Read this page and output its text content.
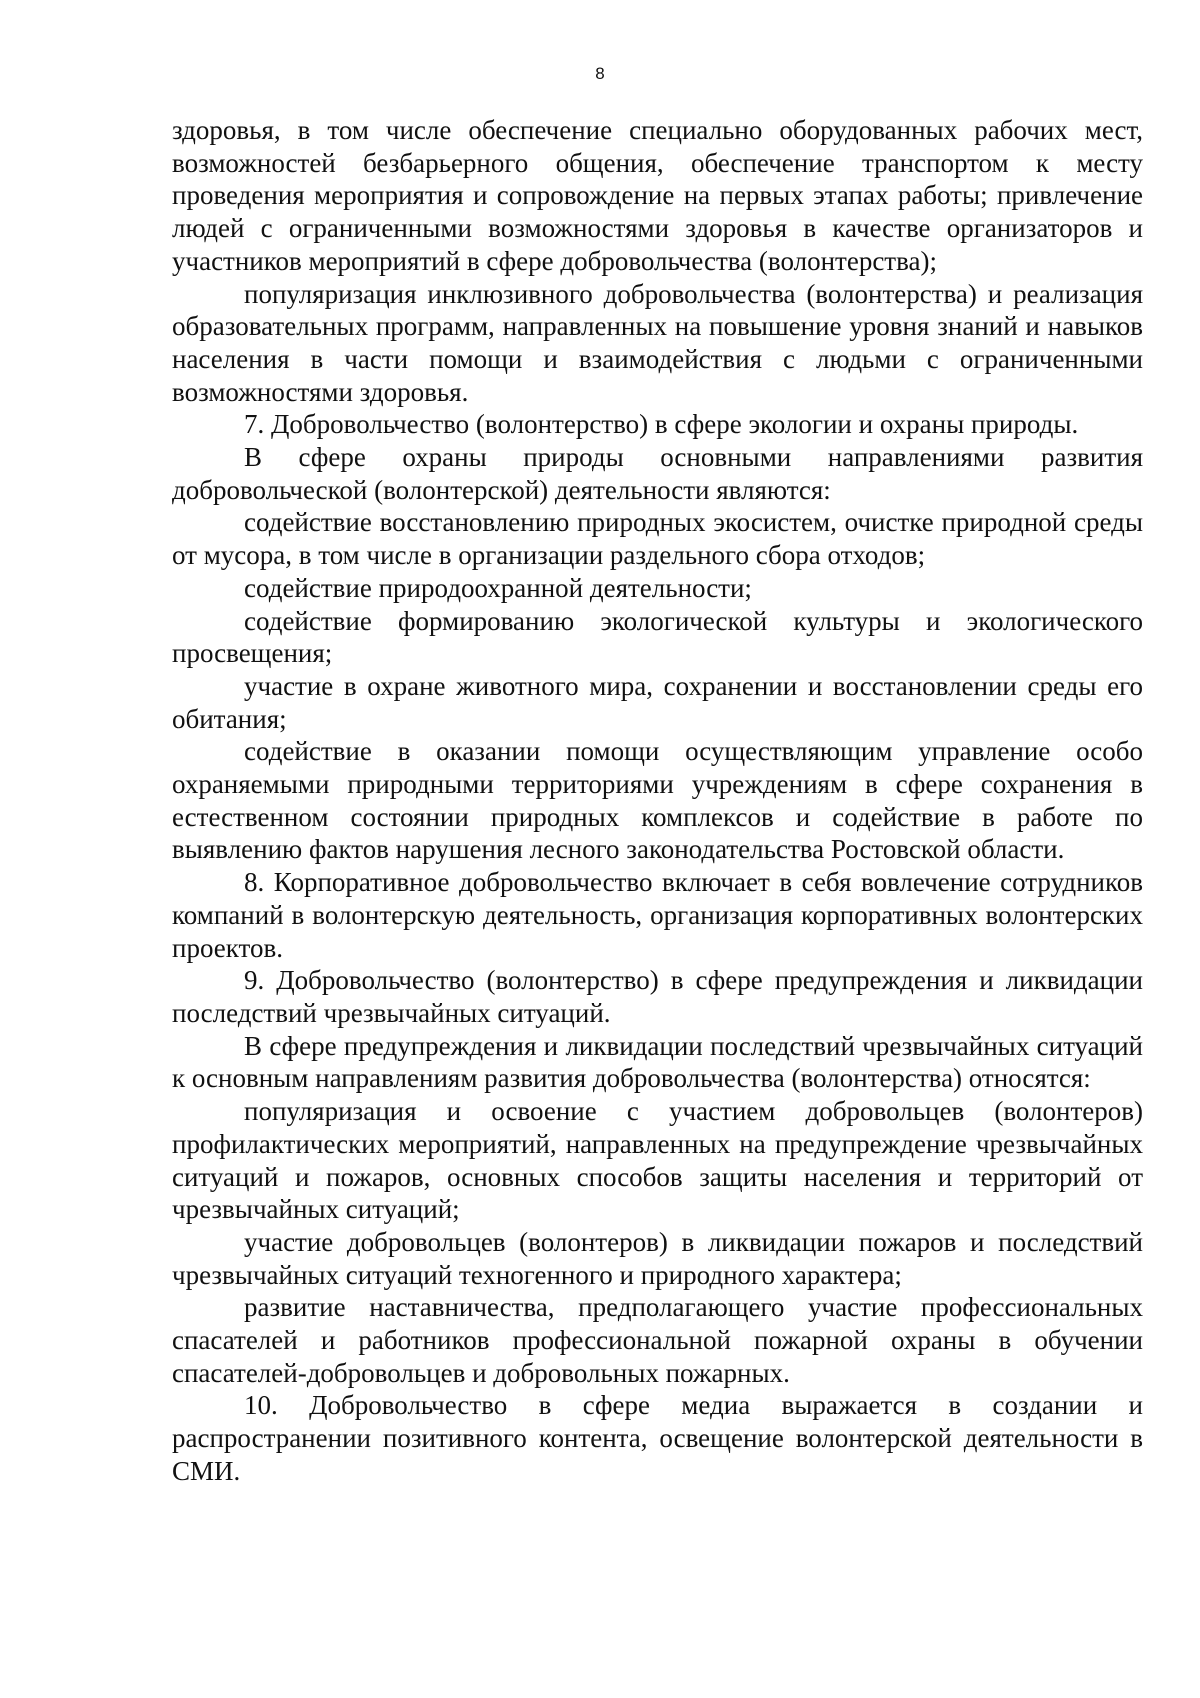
8

здоровья, в том числе обеспечение специально оборудованных рабочих мест, возможностей безбарьерного общения, обеспечение транспортом к месту проведения мероприятия и сопровождение на первых этапах работы; привлечение людей с ограниченными возможностями здоровья в качестве организаторов и участников мероприятий в сфере добровольчества (волонтерства);

популяризация инклюзивного добровольчества (волонтерства) и реализация образовательных программ, направленных на повышение уровня знаний и навыков населения в части помощи и взаимодействия с людьми с ограниченными возможностями здоровья.

7. Добровольчество (волонтерство) в сфере экологии и охраны природы.

В сфере охраны природы основными направлениями развития добровольческой (волонтерской) деятельности являются:

содействие восстановлению природных экосистем, очистке природной среды от мусора, в том числе в организации раздельного сбора отходов;

содействие природоохранной деятельности;

содействие формированию экологической культуры и экологического просвещения;

участие в охране животного мира, сохранении и восстановлении среды его обитания;

содействие в оказании помощи осуществляющим управление особо охраняемыми природными территориями учреждениям в сфере сохранения в естественном состоянии природных комплексов и содействие в работе по выявлению фактов нарушения лесного законодательства Ростовской области.

8. Корпоративное добровольчество включает в себя вовлечение сотрудников компаний в волонтерскую деятельность, организация корпоративных волонтерских проектов.

9. Добровольчество (волонтерство) в сфере предупреждения и ликвидации последствий чрезвычайных ситуаций.

В сфере предупреждения и ликвидации последствий чрезвычайных ситуаций к основным направлениям развития добровольчества (волонтерства) относятся:

популяризация и освоение с участием добровольцев (волонтеров) профилактических мероприятий, направленных на предупреждение чрезвычайных ситуаций и пожаров, основных способов защиты населения и территорий от чрезвычайных ситуаций;

участие добровольцев (волонтеров) в ликвидации пожаров и последствий чрезвычайных ситуаций техногенного и природного характера;

развитие наставничества, предполагающего участие профессиональных спасателей и работников профессиональной пожарной охраны в обучении спасателей-добровольцев и добровольных пожарных.

10. Добровольчество в сфере медиа выражается в создании и распространении позитивного контента, освещение волонтерской деятельности в СМИ.
